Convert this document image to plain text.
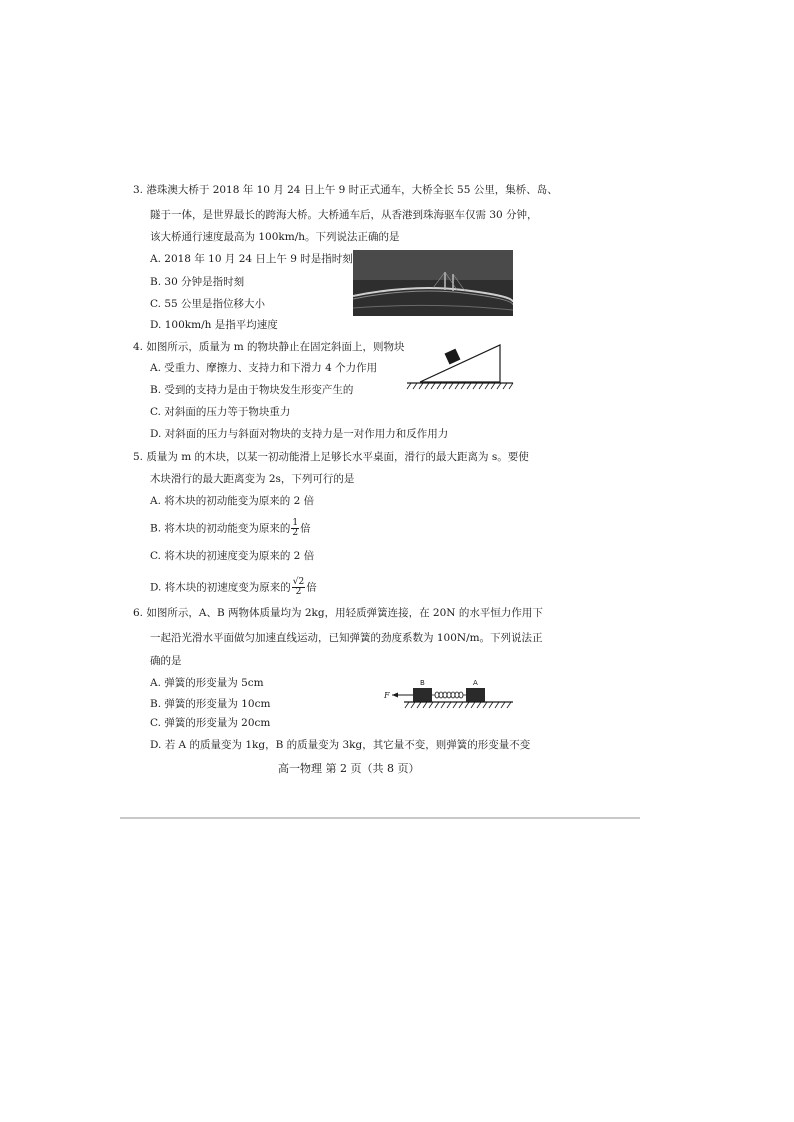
3. 港珠澳大桥于 2018 年 10 月 24 日上午 9 时正式通车，大桥全长 55 公里，集桥、岛、
隧于一体，是世界最长的跨海大桥。大桥通车后，从香港到珠海驱车仅需 30 分钟，
该大桥通行速度最高为 100km/h。下列说法正确的是
A. 2018 年 10 月 24 日上午 9 时是指时刻
B. 30 分钟是指时刻
C. 55 公里是指位移大小
D. 100km/h 是指平均速度
4. 如图所示，质量为 m 的物块静止在固定斜面上，则物块
A. 受重力、摩擦力、支持力和下滑力 4 个力作用
B. 受到的支持力是由于物块发生形变产生的
C. 对斜面的压力等于物块重力
D. 对斜面的压力与斜面对物块的支持力是一对作用力和反作用力
5. 质量为 m 的木块，以某一初动能滑上足够长水平桌面，滑行的最大距离为 s。要使
木块滑行的最大距离变为 2s，下列可行的是
A. 将木块的初动能变为原来的 2 倍
B. 将木块的初动能变为原来的 $\frac{1}{2}$ 倍
C. 将木块的初速度变为原来的 2 倍
D. 将木块的初速度变为原来的 $\frac{√2}{2}$ 倍
6. 如图所示，A、B 两物体质量均为 2kg，用轻质弹簧连接，在 20N 的水平恒力作用下
一起沿光滑水平面做匀加速直线运动，已知弹簧的劲度系数为 100N/m。下列说法正
确的是
A. 弹簧的形变量为 5cm
B. 弹簧的形变量为 10cm
C. 弹簧的形变量为 20cm
D. 若 A 的质量变为 1kg，B 的质量变为 3kg，其它量不变，则弹簧的形变量不变
F
B	A
高一物理 第 2 页（共 8 页）
